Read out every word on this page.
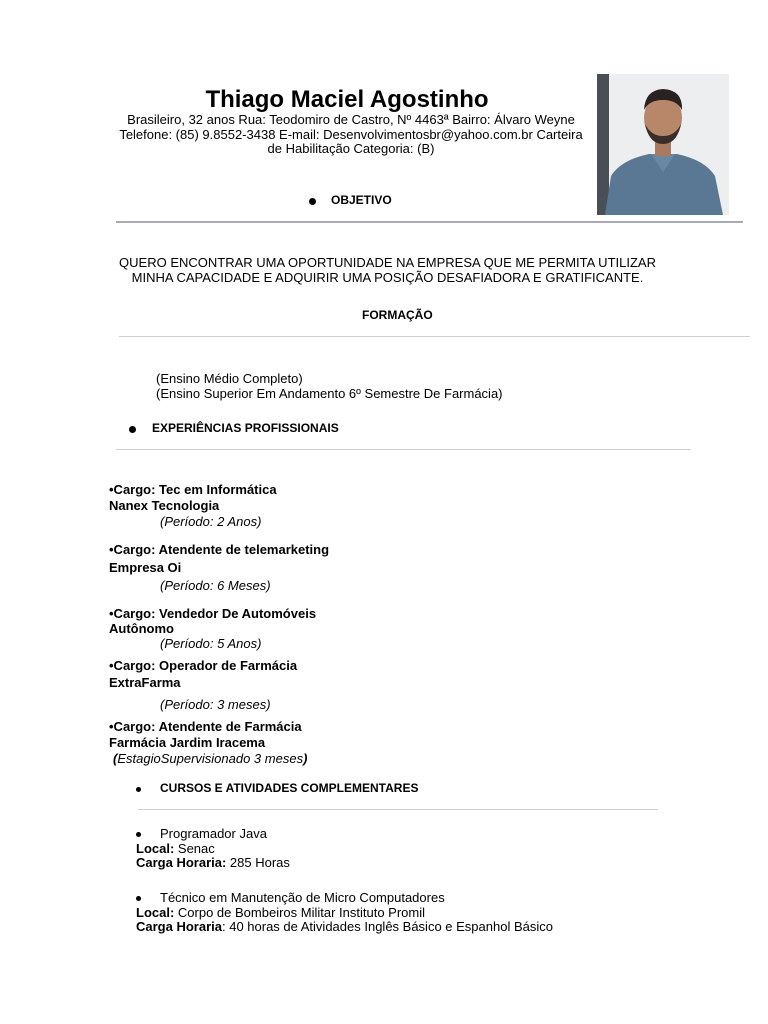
Thiago Maciel Agostinho
Brasileiro, 32 anos Rua: Teodomiro de Castro, Nº 4463ª Bairro: Álvaro Weyne
Telefone: (85) 9.8552-3438 E-mail: Desenvolvimentosbr@yahoo.com.br Carteira
de Habilitação Categoria: (B)
OBJETIVO
QUERO ENCONTRAR UMA OPORTUNIDADE NA EMPRESA QUE ME PERMITA UTILIZAR
MINHA CAPACIDADE E ADQUIRIR UMA POSIÇÃO DESAFIADORA E GRATIFICANTE.
FORMAÇÃO
(Ensino Médio Completo)
(Ensino Superior Em Andamento 6º Semestre De Farmácia)
EXPERIÊNCIAS PROFISSIONAIS
•Cargo: Tec em Informática
Nanex Tecnologia
(Período: 2 Anos)
•Cargo: Atendente de telemarketing
Empresa Oi
(Período: 6 Meses)
•Cargo: Vendedor De Automóveis
Autônomo
(Período: 5 Anos)
•Cargo: Operador de Farmácia
ExtraFarma
(Período: 3 meses)
•Cargo: Atendente de Farmácia
Farmácia Jardim Iracema
(EstagioSupervisionado 3 meses)
CURSOS E ATIVIDADES COMPLEMENTARES
Programador Java
Local: Senac
Carga Horaria: 285 Horas
Técnico em Manutenção de Micro Computadores
Local: Corpo de Bombeiros Militar Instituto Promil
Carga Horaria: 40 horas de Atividades Inglês Básico e Espanhol Básico
